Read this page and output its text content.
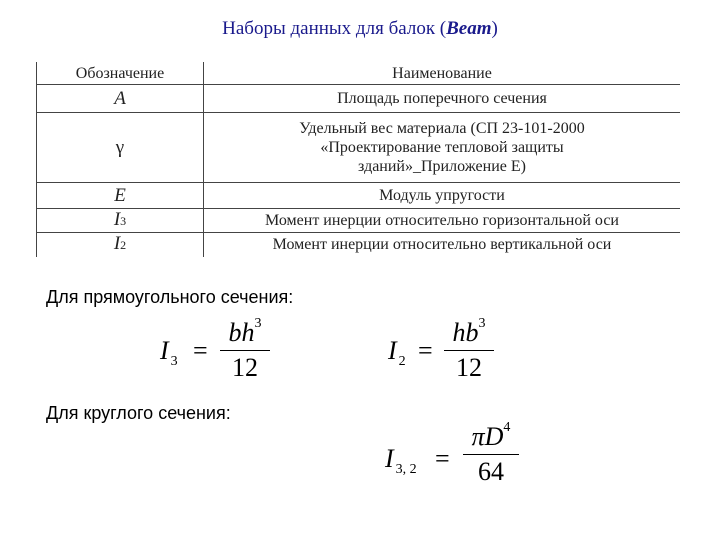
Наборы данных для балок (Beam)
Обозначение	Наименование
A	Площадь поперечного сечения
γ	Удельный вес материала (СП 23-101-2000 «Проектирование тепловой защиты зданий»_Приложение Е)
E	Модуль упругости
I3	Момент инерции относительно горизонтальной оси
I2	Момент инерции относительно вертикальной оси
Для прямоугольного сечения:
I $_3$ =
$bh^3$
12
I $_2$ =
$hb^3$
12
Для круглого сечения:
I $_{3, 2}$ =
$\pi D^4$
64
